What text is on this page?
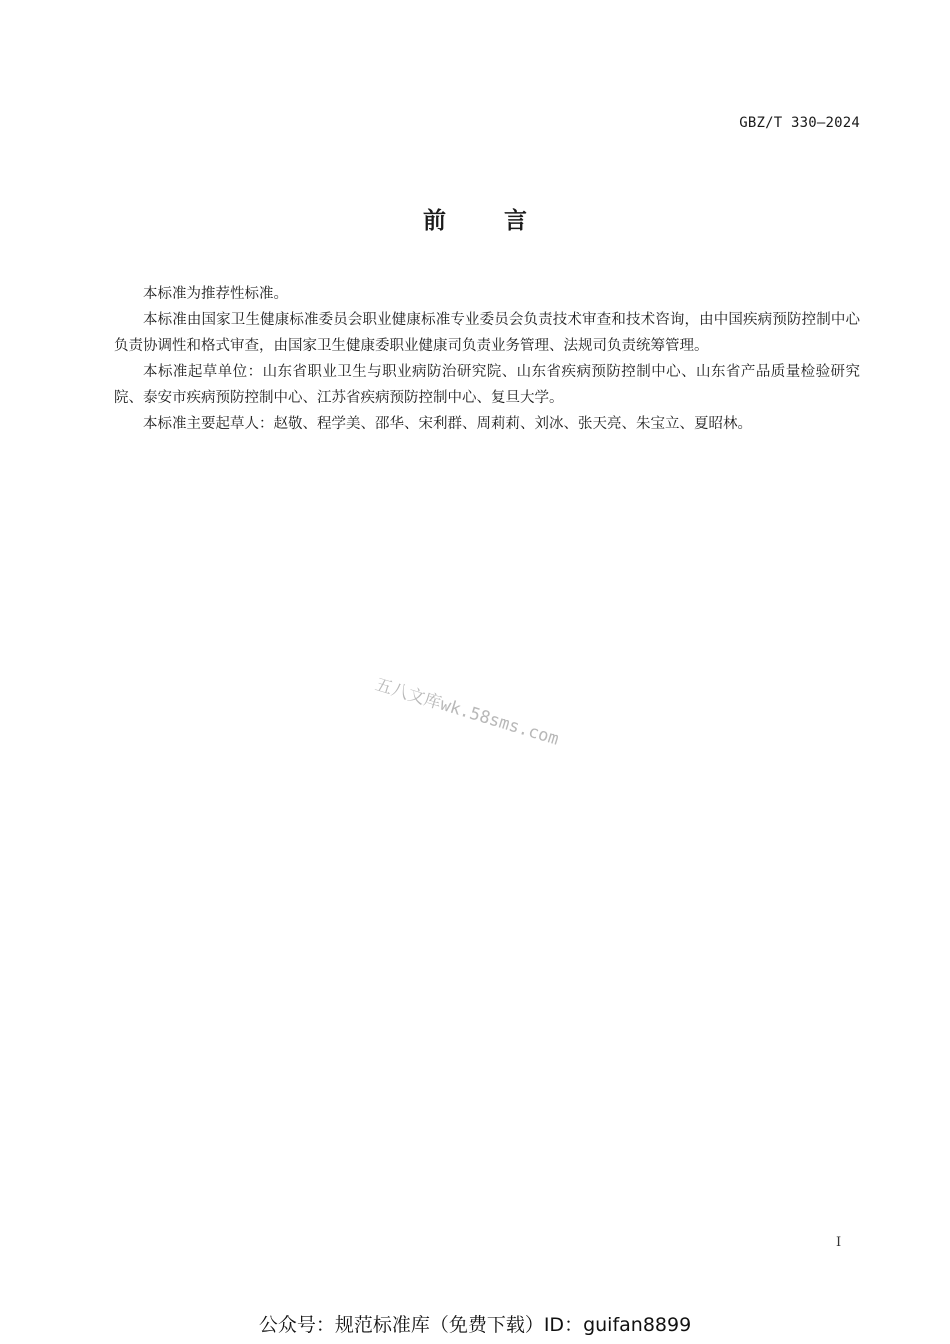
GBZ/T 330—2024
前	言

本标准为推荐性标准。

本标准由国家卫生健康标准委员会职业健康标准专业委员会负责技术审查和技术咨询，由中国疾病预防控制中心负责协调性和格式审查，由国家卫生健康委职业健康司负责业务管理、法规司负责统筹管理。

本标准起草单位：山东省职业卫生与职业病防治研究院、山东省疾病预防控制中心、山东省产品质量检验研究院、泰安市疾病预防控制中心、江苏省疾病预防控制中心、复旦大学。

本标准主要起草人：赵敬、程学美、邵华、宋利群、周莉莉、刘冰、张天亮、朱宝立、夏昭林。

五八文库wk.58sms.com
I
公众号：规范标准库（免费下载）ID：guifan8899
